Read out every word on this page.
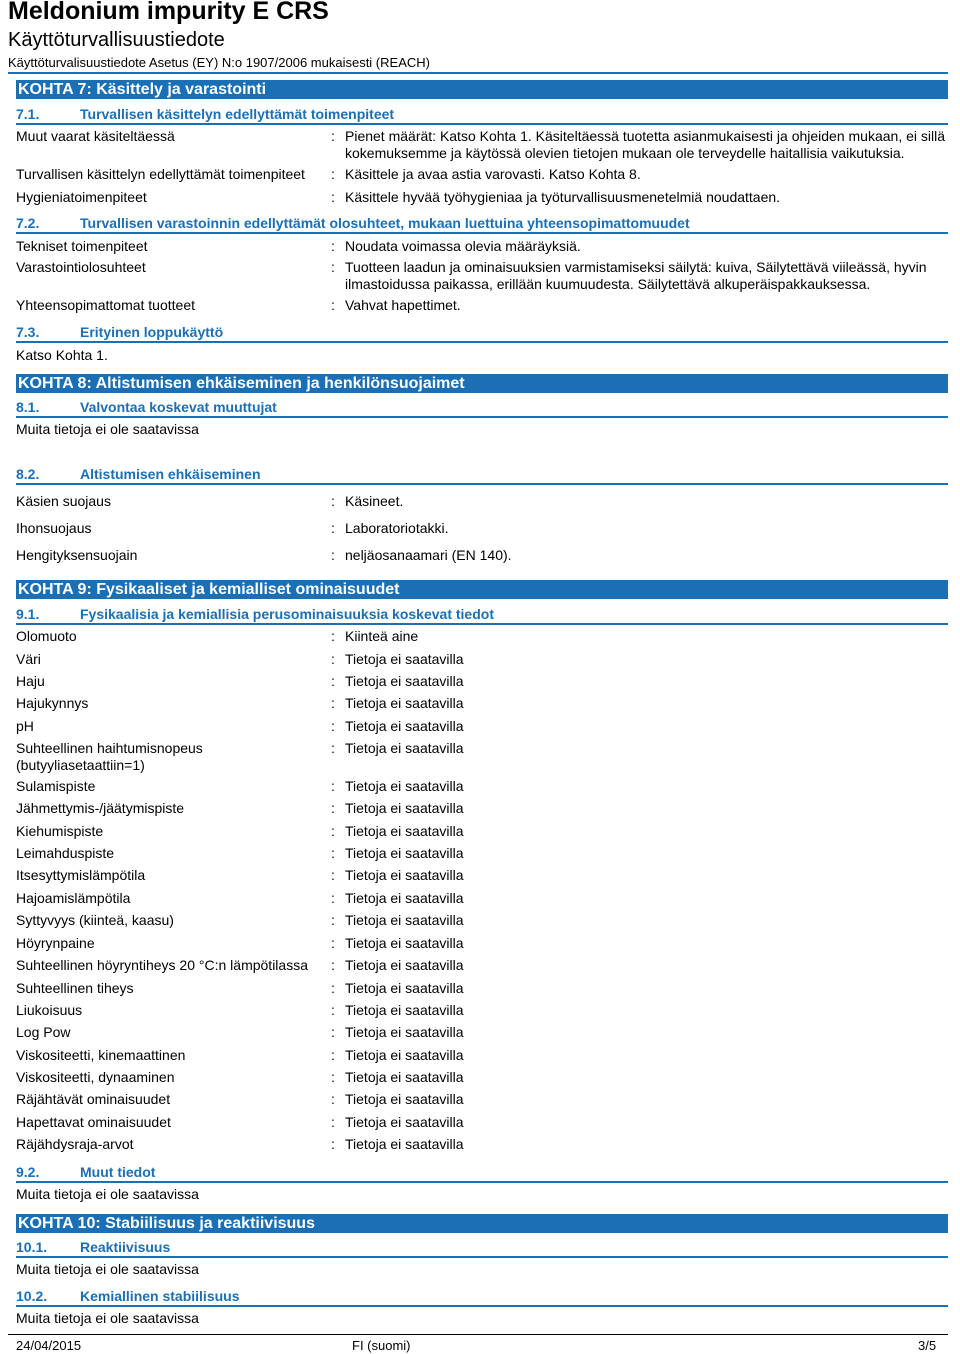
Meldonium impurity E CRS
Käyttöturvallisuustiedote
Käyttöturvalisuustiedote Asetus (EY) N:o 1907/2006 mukaisesti (REACH)
KOHTA 7: Käsittely ja varastointi
7.1.	Turvallisen käsittelyn edellyttämät toimenpiteet
Muut vaarat käsiteltäessä	: Pienet määrät: Katso Kohta 1. Käsiteltäessä tuotetta asianmukaisesti ja ohjeiden mukaan, ei sillä kokemuksemme ja käytössä olevien tietojen mukaan ole terveydelle haitallisia vaikutuksia.
Turvallisen käsittelyn edellyttämät toimenpiteet : Käsittele ja avaa astia varovasti. Katso Kohta 8.
Hygieniatoimenpiteet	: Käsittele hyvää työhygieniaa ja työturvallisuusmenetelmiä noudattaen.
7.2.	Turvallisen varastoinnin edellyttämät olosuhteet, mukaan luettuina yhteensopimattomuudet
Tekniset toimenpiteet	: Noudata voimassa olevia määräyksiä.
Varastointiolosuhteet	: Tuotteen laadun ja ominaisuuksien varmistamiseksi säilytä: kuiva, Säilytettävä viileässä, hyvin ilmastoidussa paikassa, erillään kuumuudesta. Säilytettävä alkuperäispakkauksessa.
Yhteensopimattomat tuotteet	: Vahvat hapettimet.
7.3.	Erityinen loppukäyttö
Katso Kohta 1.
KOHTA 8: Altistumisen ehkäiseminen ja henkilönsuojaimet
8.1.	Valvontaa koskevat muuttujat
Muita tietoja ei ole saatavissa
8.2.	Altistumisen ehkäiseminen
Käsien suojaus	: Käsineet.
Ihonsuojaus	: Laboratoriotakki.
Hengityksensuojain	: neljäosanaamari (EN 140).
KOHTA 9: Fysikaaliset ja kemialliset ominaisuudet
9.1.	Fysikaalisia ja kemiallisia perusominaisuuksia koskevat tiedot
Olomuoto	: Kiinteä aine
Väri	: Tietoja ei saatavilla
Haju	: Tietoja ei saatavilla
Hajukynnys	: Tietoja ei saatavilla
pH	: Tietoja ei saatavilla
Suhteellinen haihtumisnopeus
(butyyliasetaattiin=1)
: Tietoja ei saatavilla
Sulamispiste	: Tietoja ei saatavilla
Jähmettymis-/jäätymispiste	: Tietoja ei saatavilla
Kiehumispiste	: Tietoja ei saatavilla
Leimahduspiste	: Tietoja ei saatavilla
Itsesyttymislämpötila	: Tietoja ei saatavilla
Hajoamislämpötila	: Tietoja ei saatavilla
Syttyvyys (kiinteä, kaasu)	: Tietoja ei saatavilla
Höyrynpaine	: Tietoja ei saatavilla
Suhteellinen höyryntiheys 20 °C:n lämpötilassa : Tietoja ei saatavilla
Suhteellinen tiheys	: Tietoja ei saatavilla
Liukoisuus	: Tietoja ei saatavilla
Log Pow	: Tietoja ei saatavilla
Viskositeetti, kinemaattinen	: Tietoja ei saatavilla
Viskositeetti, dynaaminen	: Tietoja ei saatavilla
Räjähtävät ominaisuudet	: Tietoja ei saatavilla
Hapettavat ominaisuudet	: Tietoja ei saatavilla
Räjähdysraja-arvot	: Tietoja ei saatavilla
9.2.	Muut tiedot
Muita tietoja ei ole saatavissa
KOHTA 10: Stabiilisuus ja reaktiivisuus
10.1. Reaktiivisuus
Muita tietoja ei ole saatavissa
10.2. Kemiallinen stabiilisuus
Muita tietoja ei ole saatavissa
24/04/2015	FI (suomi)	3/5
